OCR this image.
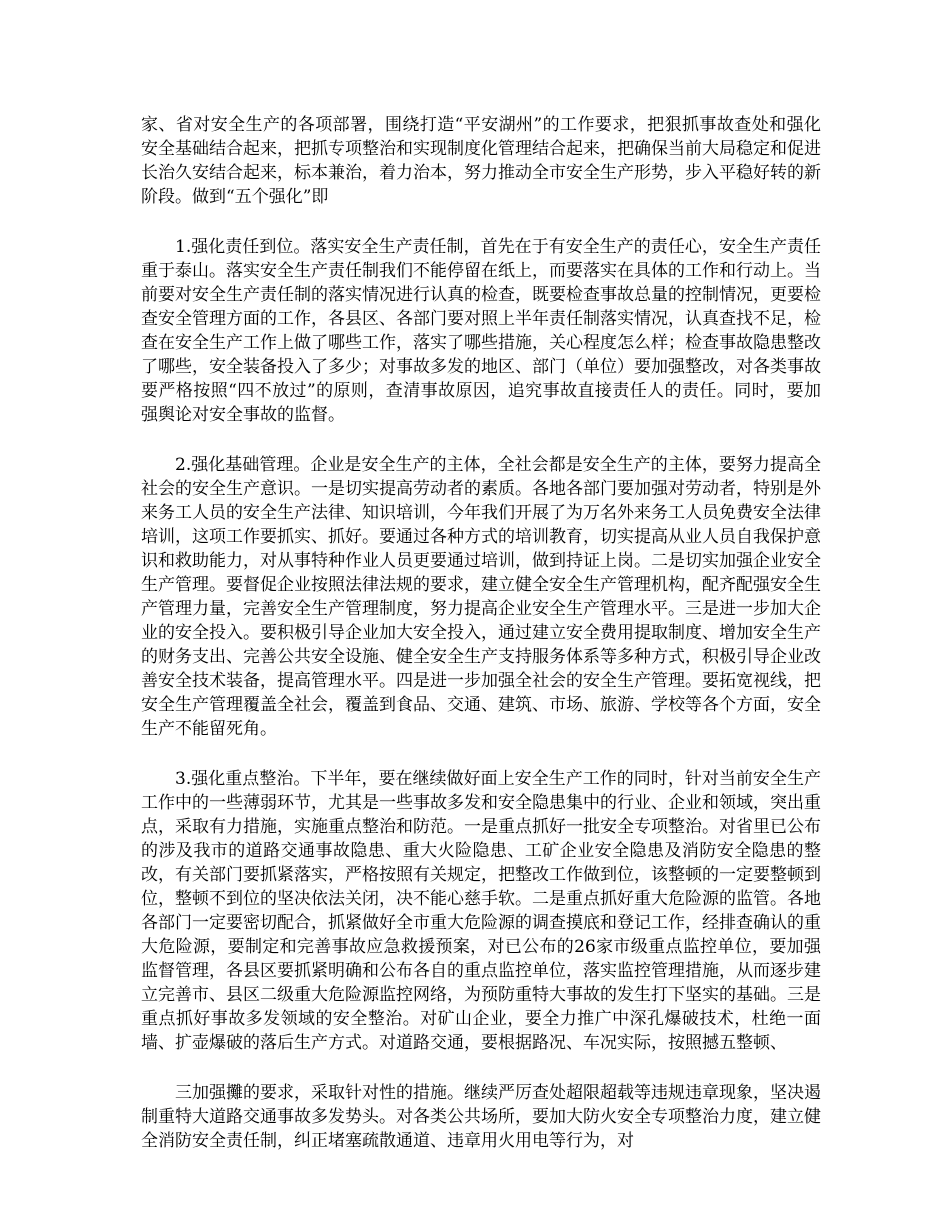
家、省对安全生产的各项部署，围绕打造“平安湖州”的工作要求，把狠抓事故查处和强化安全基础结合起来，把抓专项整治和实现制度化管理结合起来，把确保当前大局稳定和促进长治久安结合起来，标本兼治，着力治本，努力推动全市安全生产形势，步入平稳好转的新阶段。做到“五个强化”即

1.强化责任到位。落实安全生产责任制，首先在于有安全生产的责任心，安全生产责任重于泰山。落实安全生产责任制我们不能停留在纸上，而要落实在具体的工作和行动上。当前要对安全生产责任制的落实情况进行认真的检查，既要检查事故总量的控制情况，更要检查安全管理方面的工作，各县区、各部门要对照上半年责任制落实情况，认真查找不足，检查在安全生产工作上做了哪些工作，落实了哪些措施，关心程度怎么样；检查事故隐患整改了哪些，安全装备投入了多少；对事故多发的地区、部门（单位）要加强整改，对各类事故要严格按照“四不放过”的原则，查清事故原因，追究事故直接责任人的责任。同时，要加强舆论对安全事故的监督。

2.强化基础管理。企业是安全生产的主体，全社会都是安全生产的主体，要努力提高全社会的安全生产意识。一是切实提高劳动者的素质。各地各部门要加强对劳动者，特别是外来务工人员的安全生产法律、知识培训，今年我们开展了为万名外来务工人员免费安全法律培训，这项工作要抓实、抓好。要通过各种方式的培训教育，切实提高从业人员自我保护意识和救助能力，对从事特种作业人员更要通过培训，做到持证上岗。二是切实加强企业安全生产管理。要督促企业按照法律法规的要求，建立健全安全生产管理机构，配齐配强安全生产管理力量，完善安全生产管理制度，努力提高企业安全生产管理水平。三是进一步加大企业的安全投入。要积极引导企业加大安全投入，通过建立安全费用提取制度、增加安全生产的财务支出、完善公共安全设施、健全安全生产支持服务体系等多种方式，积极引导企业改善安全技术装备，提高管理水平。四是进一步加强全社会的安全生产管理。要拓宽视线，把安全生产管理覆盖全社会，覆盖到食品、交通、建筑、市场、旅游、学校等各个方面，安全生产不能留死角。

3.强化重点整治。下半年，要在继续做好面上安全生产工作的同时，针对当前安全生产工作中的一些薄弱环节，尤其是一些事故多发和安全隐患集中的行业、企业和领域，突出重点，采取有力措施，实施重点整治和防范。一是重点抓好一批安全专项整治。对省里已公布的涉及我市的道路交通事故隐患、重大火险隐患、工矿企业安全隐患及消防安全隐患的整改，有关部门要抓紧落实，严格按照有关规定，把整改工作做到位，该整顿的一定要整顿到位，整顿不到位的坚决依法关闭，决不能心慈手软。二是重点抓好重大危险源的监管。各地各部门一定要密切配合，抓紧做好全市重大危险源的调查摸底和登记工作，经排查确认的重大危险源，要制定和完善事故应急救援预案，对已公布的26家市级重点监控单位，要加强监督管理，各县区要抓紧明确和公布各自的重点监控单位，落实监控管理措施，从而逐步建立完善市、县区二级重大危险源监控网络，为预防重特大事故的发生打下坚实的基础。三是重点抓好事故多发领域的安全整治。对矿山企业，要全力推广中深孔爆破技术，杜绝一面墙、扩壶爆破的落后生产方式。对道路交通，要根据路况、车况实际，按照撼五整顿、

三加强攤的要求，采取针对性的措施。继续严厉查处超限超载等违规违章现象，坚决遏制重特大道路交通事故多发势头。对各类公共场所，要加大防火安全专项整治力度，建立健全消防安全责任制，纠正堵塞疏散通道、违章用火用电等行为，对
